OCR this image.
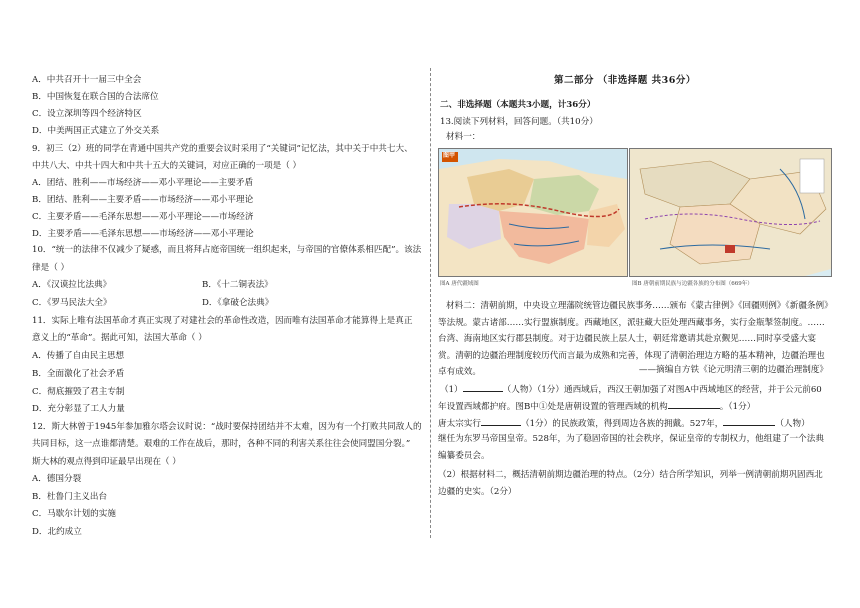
A．中共召开十一届三中全会
B．中国恢复在联合国的合法席位
C．设立深圳等四个经济特区
D．中美两国正式建立了外交关系
9．初三（2）班的同学在青通中国共产党的重要会议时采用了“关键词”记忆法，其中关于中共七大、
中共八大、中共十四大和中共十五大的关键词，对应正确的一项是（ ）
A．团结、胜利——市场经济——邓小平理论——主要矛盾
B．团结、胜利——主要矛盾——市场经济——邓小平理论
C．主要矛盾——毛泽东思想——邓小平理论——市场经济
D．主要矛盾——毛泽东思想——市场经济——邓小平理论
10．“统一的法律不仅减少了疑惑，而且将拜占庭帝国统一组织起来，与帝国的官僚体系相匹配”。该法
律是（ ）
A．《汉谟拉比法典》	B．《十二铜表法》
C．《罗马民法大全》	D．《拿破仑法典》
11．实际上唯有法国革命才真正实现了对建社会的革命性改造，因而唯有法国革命才能算得上是真正
意义上的“革命”。据此可知，法国大革命（ ）
A．传播了自由民主思想
B．全面激化了社会矛盾
C．彻底摧毁了君主专制
D．充分彰显了工人力量
12．斯大林曾于1945年参加雅尔塔会议时说：“战时要保持团结并不太难，因为有一个打败共同敌人的
共同目标，这一点谁都清楚。艰难的工作在战后，那时，各种不同的利害关系往往会使同盟国分裂。”
斯大林的观点得到印证最早出现在（ ）
A．德国分裂
B．杜鲁门主义出台
C．马歇尔计划的实施
D．北约成立
第二部分 （非选择题 共36分）
二、非选择题（本题共3小题，计36分）
13.阅读下列材料，回答问题。（共10分）
材料一：
图甲
图A 唐代疆域图	图B 唐朝前期民族与边疆各族的分布图（669年）
材料二：清朝前期，中央设立理藩院统管边疆民族事务……颁布《蒙古律例》《回疆则例》《新疆条例》等法规。蒙古诸部……实行盟旗制度。西藏地区，派驻藏大臣处理西藏事务，实行金瓶掣签制度。……台湾、海南地区实行郡县制度。对于边疆民族上层人士，朝廷常邀请其赴京觐见……同时享受盛大宴赏。清朝的边疆治理制度较历代而言最为成熟和完善，体现了清朝治理边方略的基本精神，边疆治理也卓有成效。	——摘编自方铁《论元明清三朝的边疆治理制度》
（1）	（人物）（1分）通西域后，西汉王朝加强了对图A中西域地区的经营，并于公元前60
年设置西域都护府。图B中①处是唐朝设置的管理西域的机构	。（1分）
唐太宗实行	（1分）的民族政策，得到周边各族的拥戴。527年，	（人物）
继任为东罗马帝国皇帝。528年，为了稳固帝国的社会秩序，保证皇帝的专制权力，他组建了一个法典
编纂委员会。
（2）根据材料二，概括清朝前期边疆治理的特点。（2分）结合所学知识，列举一例清朝前期巩固西北边疆的史实。（2分）
